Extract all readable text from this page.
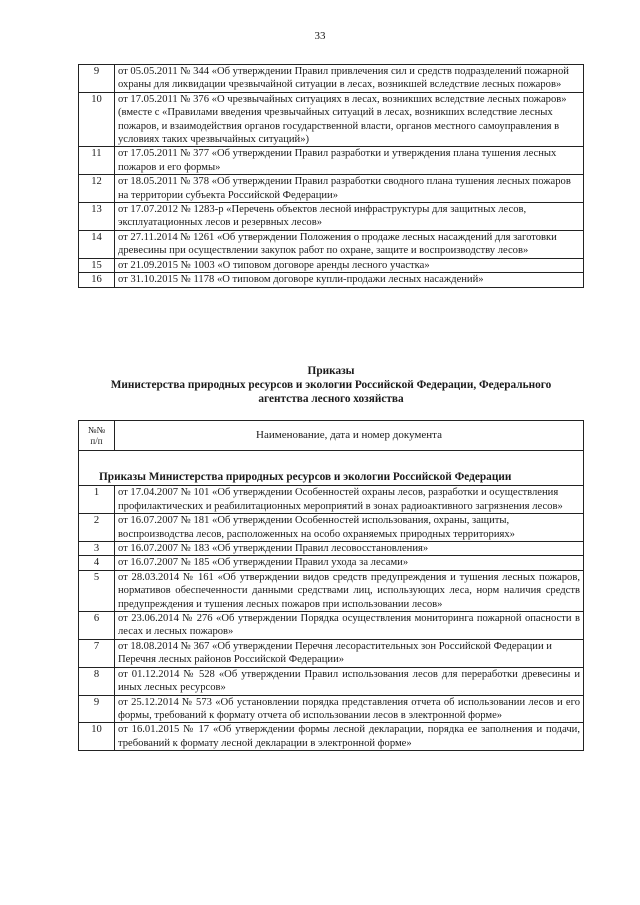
33
9	от 05.05.2011 № 344 «Об утверждении Правил привлечения сил и средств подразделений пожарной охраны для ликвидации чрезвычайной ситуации в лесах, возникшей вследствие лесных пожаров»
10	от 17.05.2011 № 376 «О чрезвычайных ситуациях в лесах, возникших вследствие лесных пожаров» (вместе с «Правилами введения чрезвычайных ситуаций в лесах, возникших вследствие лесных пожаров, и взаимодействия органов государственной власти, органов местного самоуправления в условиях таких чрезвычайных ситуаций»)
11	от 17.05.2011 № 377 «Об утверждении Правил разработки и утверждения плана тушения лесных пожаров и его формы»
12	от 18.05.2011 № 378 «Об утверждении Правил разработки сводного плана тушения лесных пожаров на территории субъекта Российской Федерации»
13	от 17.07.2012 № 1283-р «Перечень объектов лесной инфраструктуры для защитных лесов, эксплуатационных лесов и резервных лесов»
14	от 27.11.2014 № 1261 «Об утверждении Положения о продаже лесных насаждений для заготовки древесины при осуществлении закупок работ по охране, защите и воспроизводству лесов»
15	от 21.09.2015 № 1003 «О типовом договоре аренды лесного участка»
16	от 31.10.2015 № 1178 «О типовом договоре купли-продажи лесных насаждений»
Приказы
Министерства природных ресурсов и экологии Российской Федерации, Федерального
агентства лесного хозяйства
№№
п/п	Наименование, дата и номер документа
Приказы Министерства природных ресурсов и экологии Российской Федерации	
1	от 17.04.2007 № 101 «Об утверждении Особенностей охраны лесов, разработки и осуществления профилактических и реабилитационных мероприятий в зонах радиоактивного загрязнения лесов»
2	от 16.07.2007 № 181 «Об утверждении Особенностей использования, охраны, защиты, воспроизводства лесов, расположенных на особо охраняемых природных территориях»
3	от 16.07.2007 № 183 «Об утверждении Правил лесовосстановления»
4	от 16.07.2007 № 185 «Об утверждении Правил ухода за лесами»
5	от 28.03.2014 № 161 «Об утверждении видов средств предупреждения и тушения лесных пожаров, нормативов обеспеченности данными средствами лиц, использующих леса, норм наличия средств предупреждения и тушения лесных пожаров при использовании лесов»
6	от 23.06.2014 № 276 «Об утверждении Порядка осуществления мониторинга пожарной опасности в лесах и лесных пожаров»
7	от 18.08.2014 № 367 «Об утверждении Перечня лесорастительных зон Российской Федерации и Перечня лесных районов Российской Федерации»
8	от 01.12.2014 № 528 «Об утверждении Правил использования лесов для переработки древесины и иных лесных ресурсов»
9	от 25.12.2014 № 573 «Об установлении порядка представления отчета об использовании лесов и его формы, требований к формату отчета об использовании лесов в электронной форме»
10	от 16.01.2015 № 17 «Об утверждении формы лесной декларации, порядка ее заполнения и подачи, требований к формату лесной декларации в электронной форме»
